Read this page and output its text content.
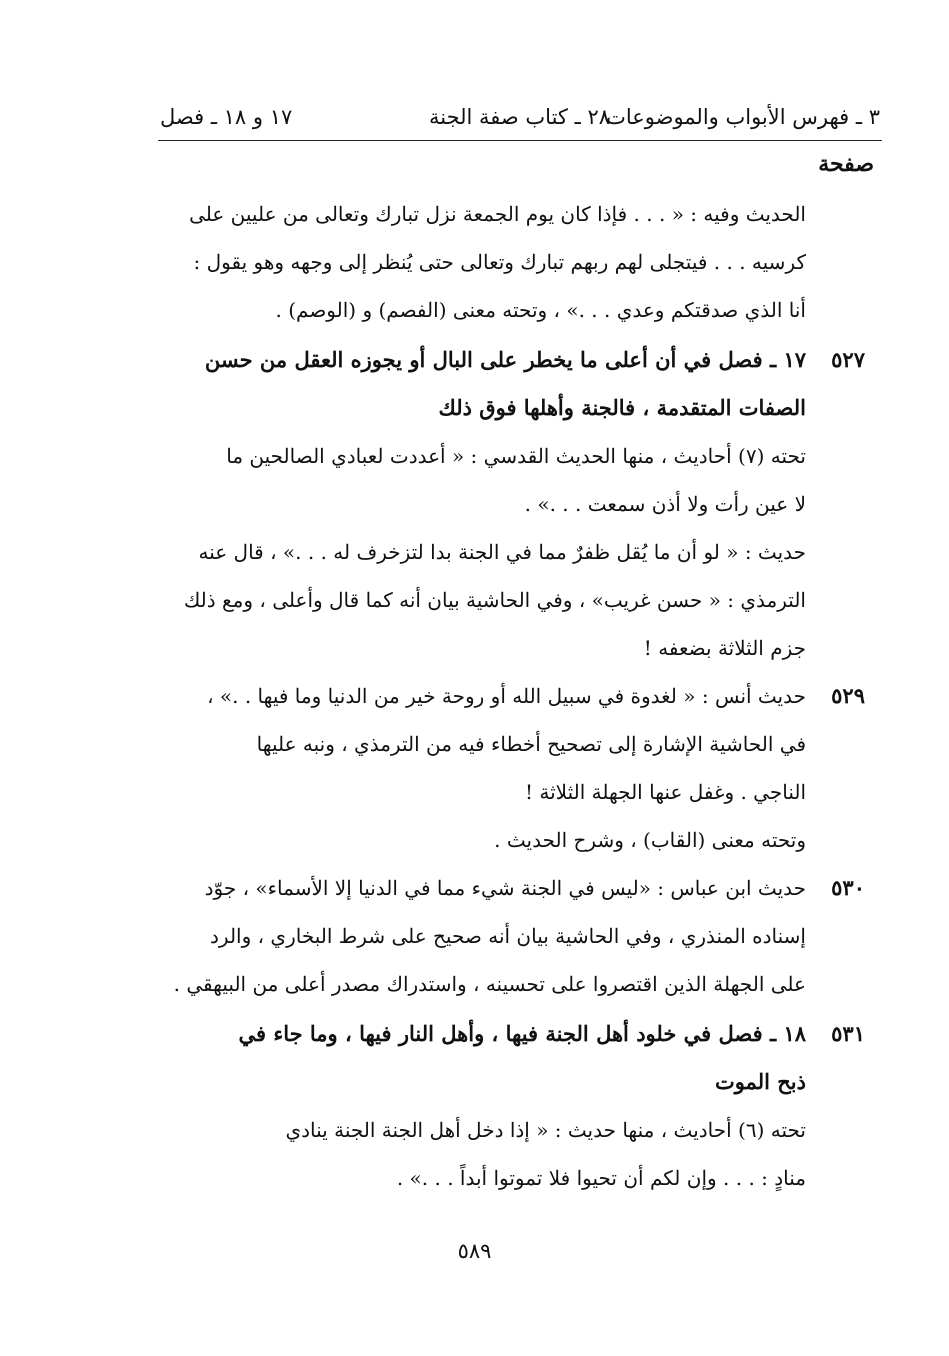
٣ ـ فهرس الأبواب والموضوعات
٢٨ ـ كتاب صفة الجنة
١٧ و ١٨ ـ فصل
صفحة
الحديث وفيه : « . . . فإذا كان يوم الجمعة نزل تبارك وتعالى من عليين على
كرسيه . . . فيتجلى لهم ربهم تبارك وتعالى حتى يُنظر إلى وجهه وهو يقول :
أنا الذي صدقتكم وعدي . . .» ، وتحته معنى (الفصم) و (الوصم) .
٥٢٧
١٧ ـ فصل في أن أعلى ما يخطر على البال أو يجوزه العقل من حسن
الصفات المتقدمة ، فالجنة وأهلها فوق ذلك
تحته (٧) أحاديث ، منها الحديث القدسي : « أعددت لعبادي الصالحين ما
لا عين رأت ولا أذن سمعت . . .» .
حديث : « لو أن ما يُقل ظفرٌ مما في الجنة بدا لتزخرف له . . .» ، قال عنه
الترمذي : « حسن غريب» ، وفي الحاشية بيان أنه كما قال وأعلى ، ومع ذلك
جزم الثلاثة بضعفه !
٥٢٩
حديث أنس : « لغدوة في سبيل الله أو روحة خير من الدنيا وما فيها . .» ،
في الحاشية الإشارة إلى تصحيح أخطاء فيه من الترمذي ، ونبه عليها
الناجي . وغفل عنها الجهلة الثلاثة !
وتحته معنى (القاب) ، وشرح الحديث .
٥٣٠
حديث ابن عباس : «ليس في الجنة شيء مما في الدنيا إلا الأسماء» ، جوّد
إسناده المنذري ، وفي الحاشية بيان أنه صحيح على شرط البخاري ، والرد
على الجهلة الذين اقتصروا على تحسينه ، واستدراك مصدر أعلى من البيهقي .
٥٣١
١٨ ـ فصل في خلود أهل الجنة فيها ، وأهل النار فيها ، وما جاء في
ذبح الموت
تحته (٦) أحاديث ، منها حديث : « إذا دخل أهل الجنة الجنة ينادي
منادٍ : . . . وإن لكم أن تحيوا فلا تموتوا أبداً . . .» .
٥٨٩
